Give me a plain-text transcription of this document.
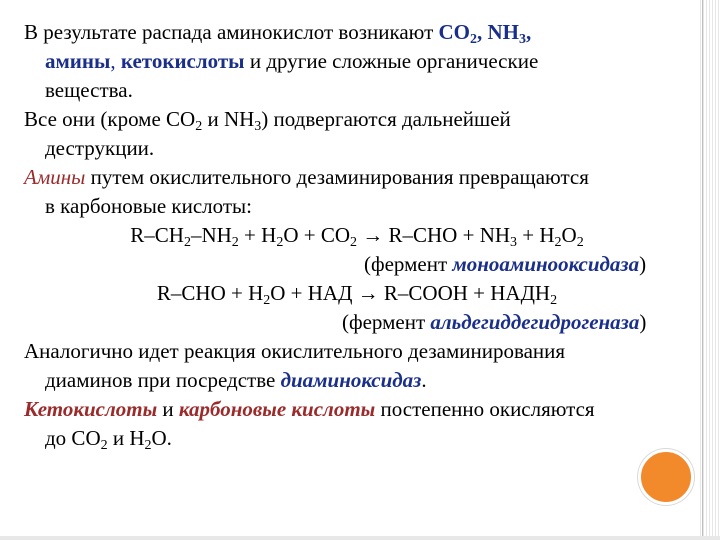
В результате распада аминокислот возникают $CO_2$, $NH_3$,
амины, кетокислоты и другие сложные органические
вещества.
Все они (кроме $CO_2$ и $NH_3$) подвергаются дальнейшей
деструкции.
Амины путем окислительного дезаминирования превращаются
в карбоновые кислоты:
$R-CH_2-NH_2 + H_2O + CO_2 \to R-CHO + NH_3 + H_2O_2$
(фермент моноаминооксидаза)
$R-CHO + H_2O$ + НАД → R–COOH + $НАДН_2$
(фермент альдегиддегидрогеназа)
Аналогично идет реакция окислительного дезаминирования
диаминов при посредстве диаминоксидаз.
Кетокислоты и карбоновые кислоты постепенно окисляются
до $CO_2$ и $H_2O$.
